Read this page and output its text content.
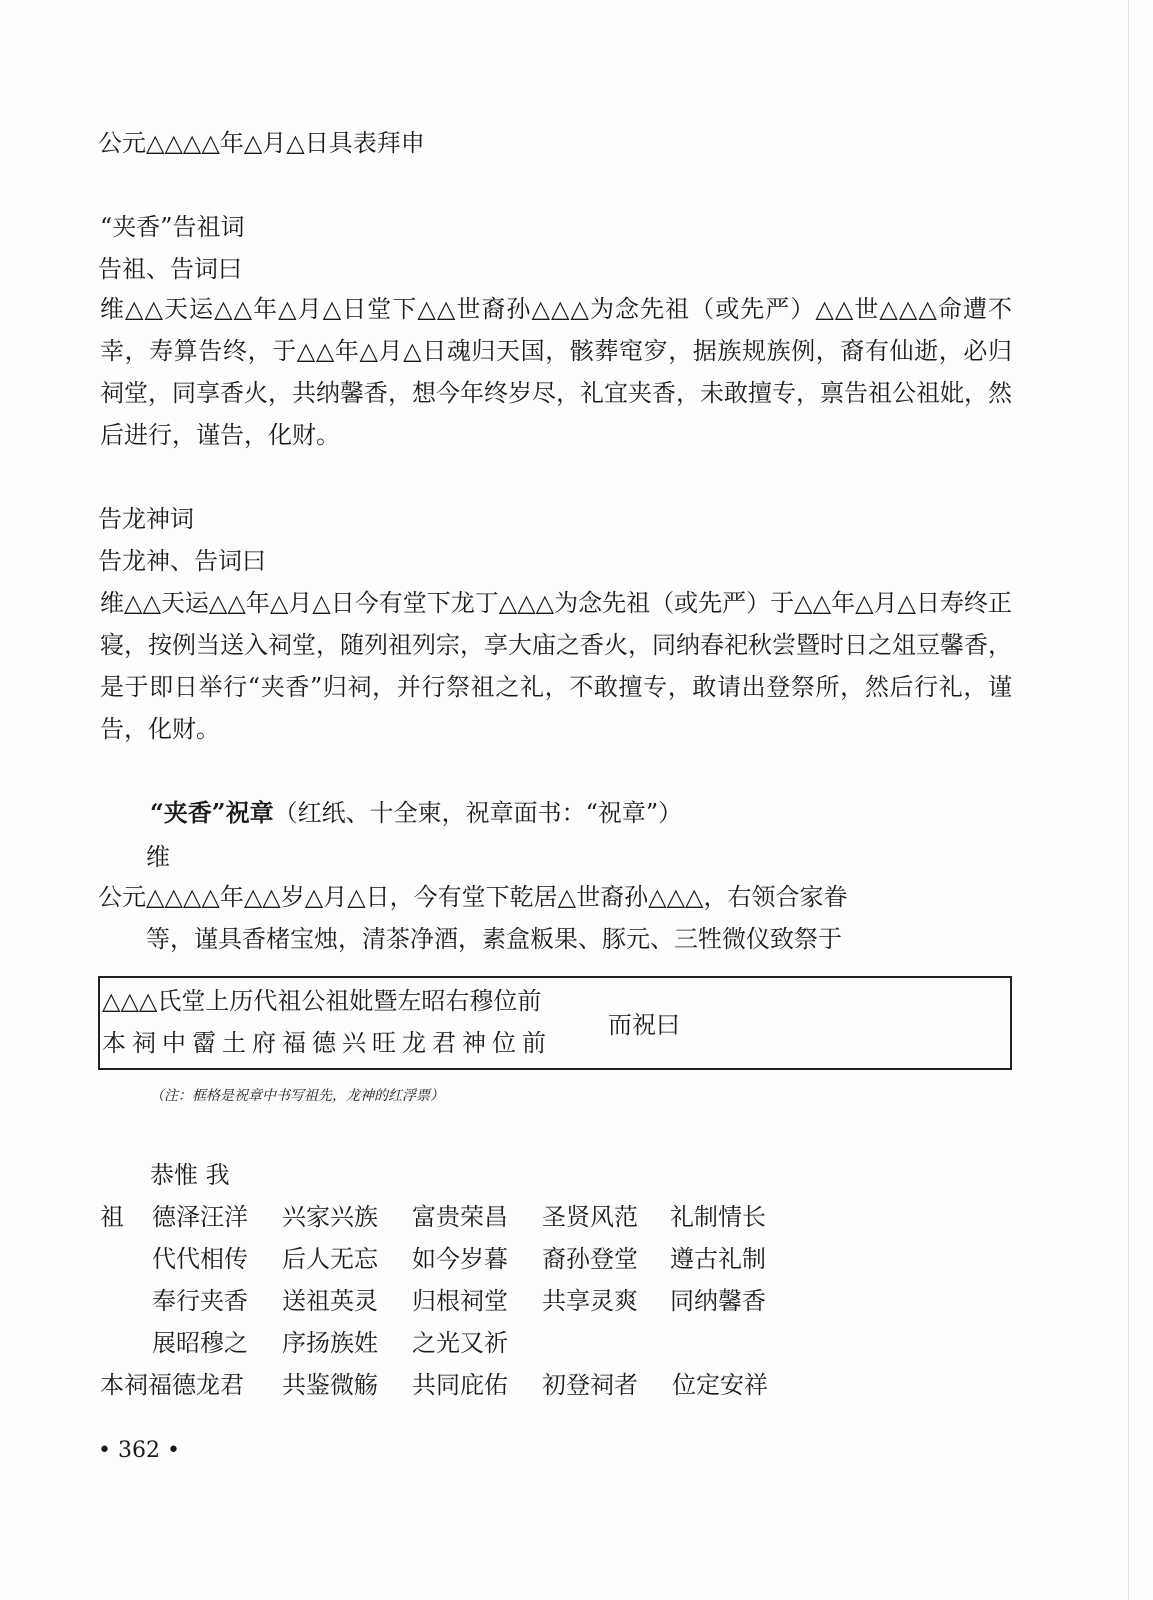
公元△△△△年△月△日具表拜申
“夹香”告祖词
告祖、告词曰
维△△天运△△年△月△日堂下△△世裔孙△△△为念先祖（或先严）△△世△△△命遭不幸，寿算告终，于△△年△月△日魂归天国，骸葬窀穸，据族规族例，裔有仙逝，必归祠堂，同享香火，共纳馨香，想今年终岁尽，礼宜夹香，未敢擅专，禀告祖公祖妣，然后进行，谨告，化财。
告龙神词
告龙神、告词曰
维△△天运△△年△月△日今有堂下龙丁△△△为念先祖（或先严）于△△年△月△日寿终正寝，按例当送入祠堂，随列祖列宗，享大庙之香火，同纳春祀秋尝暨时日之俎豆馨香，是于即日举行“夹香”归祠，并行祭祖之礼，不敢擅专，敢请出登祭所，然后行礼，谨告，化财。
“夹香”祝章（红纸、十全柬，祝章面书：“祝章”）
维
公元△△△△年△△岁△月△日，今有堂下乾居△世裔孙△△△，右领合家眷
等，谨具香楮宝烛，清茶净酒，素盒粄果、豚元、三牲微仪致祭于
△△△氏堂上历代祖公祖妣暨左昭右穆位前
本祠中霤土府福德兴旺龙君神位前
而祝曰
（注：框格是祝章中书写祖先，龙神的红浮票）
恭惟 我
祖 德泽汪洋 兴家兴族 富贵荣昌 圣贤风范 礼制情长
代代相传 后人无忘 如今岁暮 裔孙登堂 遵古礼制
奉行夹香 送祖英灵 归根祠堂 共享灵爽 同纳馨香
展昭穆之 序扬族姓 之光又祈
本祠福德龙君 共鉴微觞 共同庇佑 初登祠者 位定安祥
• 362 •
